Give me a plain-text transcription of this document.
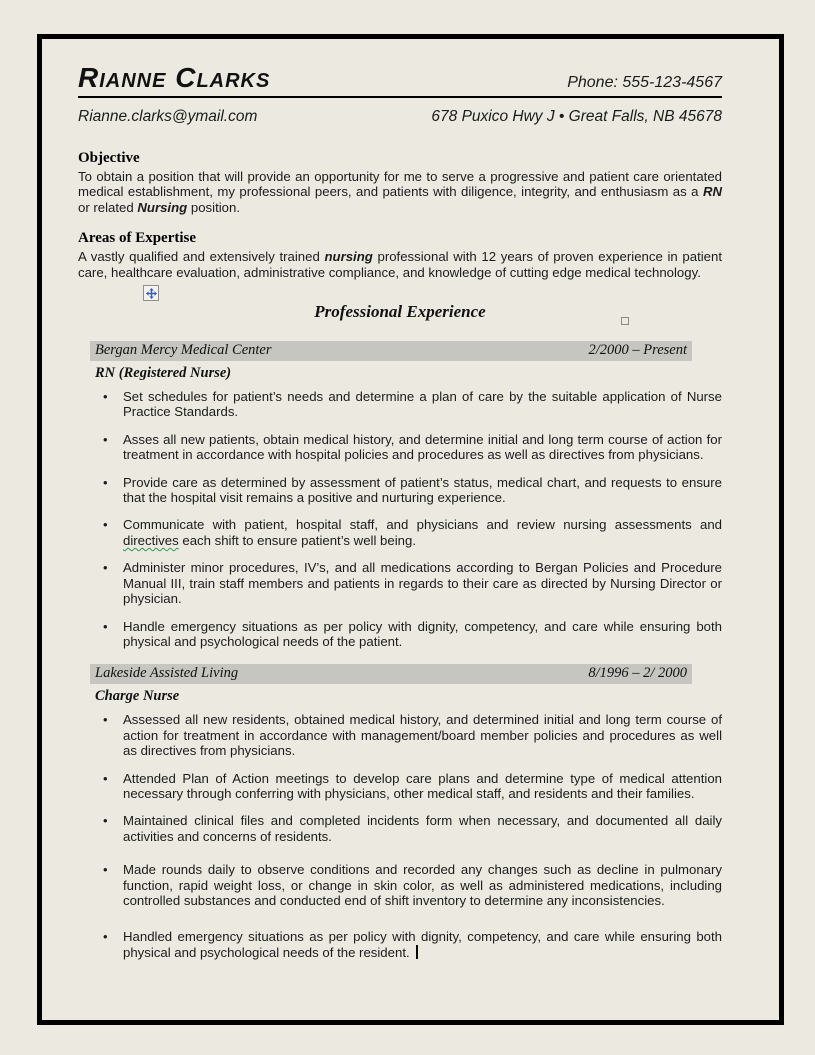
Rianne Clarks	Phone: 555-123-4567
Rianne.clarks@ymail.com	678 Puxico Hwy J • Great Falls, NB 45678
Objective

To obtain a position that will provide an opportunity for me to serve a progressive and patient care orientated medical establishment, my professional peers, and patients with diligence, integrity, and enthusiasm as a RN or related Nursing position.

Areas of Expertise

A vastly qualified and extensively trained nursing professional with 12 years of proven experience in patient care, healthcare evaluation, administrative compliance, and knowledge of cutting edge medical technology.

Professional Experience
Bergan Mercy Medical Center	2/2000 – Present
RN (Registered Nurse)
• Set schedules for patient’s needs and determine a plan of care by the suitable application of Nurse Practice Standards.
• Asses all new patients, obtain medical history, and determine initial and long term course of action for treatment in accordance with hospital policies and procedures as well as directives from physicians.
• Provide care as determined by assessment of patient’s status, medical chart, and requests to ensure that the hospital visit remains a positive and nurturing experience.
• Communicate with patient, hospital staff, and physicians and review nursing assessments and directives each shift to ensure patient’s well being.
• Administer minor procedures, IV’s, and all medications according to Bergan Policies and Procedure Manual III, train staff members and patients in regards to their care as directed by Nursing Director or physician.
• Handle emergency situations as per policy with dignity, competency, and care while ensuring both physical and psychological needs of the patient.
Lakeside Assisted Living	8/1996 – 2/ 2000
Charge Nurse
• Assessed all new residents, obtained medical history, and determined initial and long term course of action for treatment in accordance with management/board member policies and procedures as well as directives from physicians.
• Attended Plan of Action meetings to develop care plans and determine type of medical attention necessary through conferring with physicians, other medical staff, and residents and their families.
• Maintained clinical files and completed incidents form when necessary, and documented all daily activities and concerns of residents.
• Made rounds daily to observe conditions and recorded any changes such as decline in pulmonary function, rapid weight loss, or change in skin color, as well as administered medications, including controlled substances and conducted end of shift inventory to determine any inconsistencies.
• Handled emergency situations as per policy with dignity, competency, and care while ensuring both physical and psychological needs of the resident.
